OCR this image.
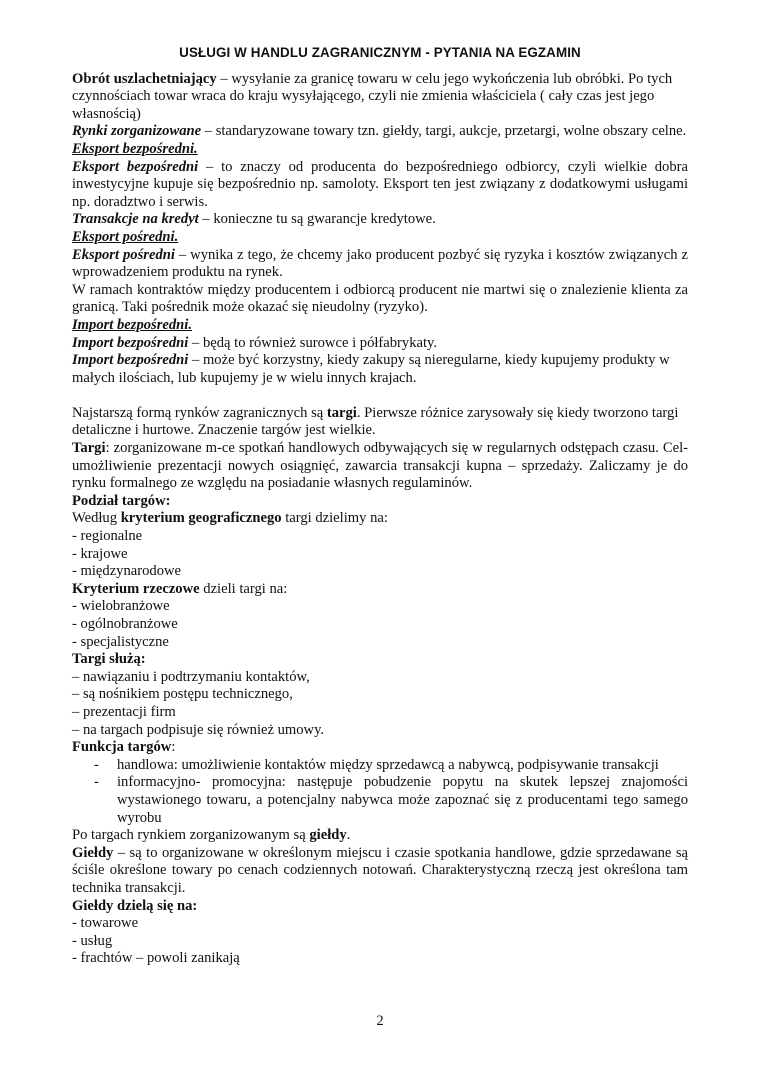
USŁUGI W HANDLU ZAGRANICZNYM - PYTANIA NA EGZAMIN

Obrót uszlachetniający – wysyłanie za granicę towaru w celu jego wykończenia lub obróbki. Po tych czynnościach towar wraca do kraju wysyłającego, czyli nie zmienia właściciela ( cały czas jest jego własnością)

Rynki zorganizowane – standaryzowane towary tzn. giełdy, targi, aukcje, przetargi, wolne obszary celne.

Eksport bezpośredni.

Eksport bezpośredni – to znaczy od producenta do bezpośredniego odbiorcy, czyli wielkie dobra inwestycyjne kupuje się bezpośrednio np. samoloty. Eksport ten jest związany z dodatkowymi usługami np. doradztwo i serwis.

Transakcje na kredyt – konieczne tu są gwarancje kredytowe.

Eksport pośredni.

Eksport pośredni – wynika z tego, że chcemy jako producent pozbyć się ryzyka i kosztów związanych z wprowadzeniem produktu na rynek.

W ramach kontraktów między producentem i odbiorcą producent nie martwi się o znalezienie klienta za granicą. Taki pośrednik może okazać się nieudolny (ryzyko).

Import bezpośredni.

Import bezpośredni – będą to również surowce i półfabrykaty.

Import bezpośredni – może być korzystny, kiedy zakupy są nieregularne, kiedy kupujemy produkty w małych ilościach, lub kupujemy je w wielu innych krajach.

Najstarszą formą rynków zagranicznych są targi. Pierwsze różnice zarysowały się kiedy tworzono targi detaliczne i hurtowe. Znaczenie targów jest wielkie.

Targi: zorganizowane m-ce spotkań handlowych odbywających się w regularnych odstępach czasu. Cel- umożliwienie prezentacji nowych osiągnięć, zawarcia transakcji kupna – sprzedaży. Zaliczamy je do rynku formalnego ze względu na posiadanie własnych regulaminów.

Podział targów:

Według kryterium geograficznego targi dzielimy na:

- regionalne
- krajowe
- międzynarodowe

Kryterium rzeczowe dzieli targi na:

- wielobranżowe
- ogólnobranżowe
- specjalistyczne

Targi służą:

– nawiązaniu i podtrzymaniu kontaktów,
– są nośnikiem postępu technicznego,
– prezentacji firm
– na targach podpisuje się również umowy.

Funkcja targów:

- handlowa: umożliwienie kontaktów między sprzedawcą a nabywcą, podpisywanie transakcji
- informacyjno- promocyjna: następuje pobudzenie popytu na skutek lepszej znajomości wystawionego towaru, a potencjalny nabywca może zapoznać się z producentami tego samego wyrobu

Po targach rynkiem zorganizowanym są giełdy.

Giełdy – są to organizowane w określonym miejscu i czasie spotkania handlowe, gdzie sprzedawane są ściśle określone towary po cenach codziennych notowań. Charakterystyczną rzeczą jest określona tam technika transakcji.

Giełdy dzielą się na:

- towarowe
- usług
- frachtów – powoli zanikają
2
